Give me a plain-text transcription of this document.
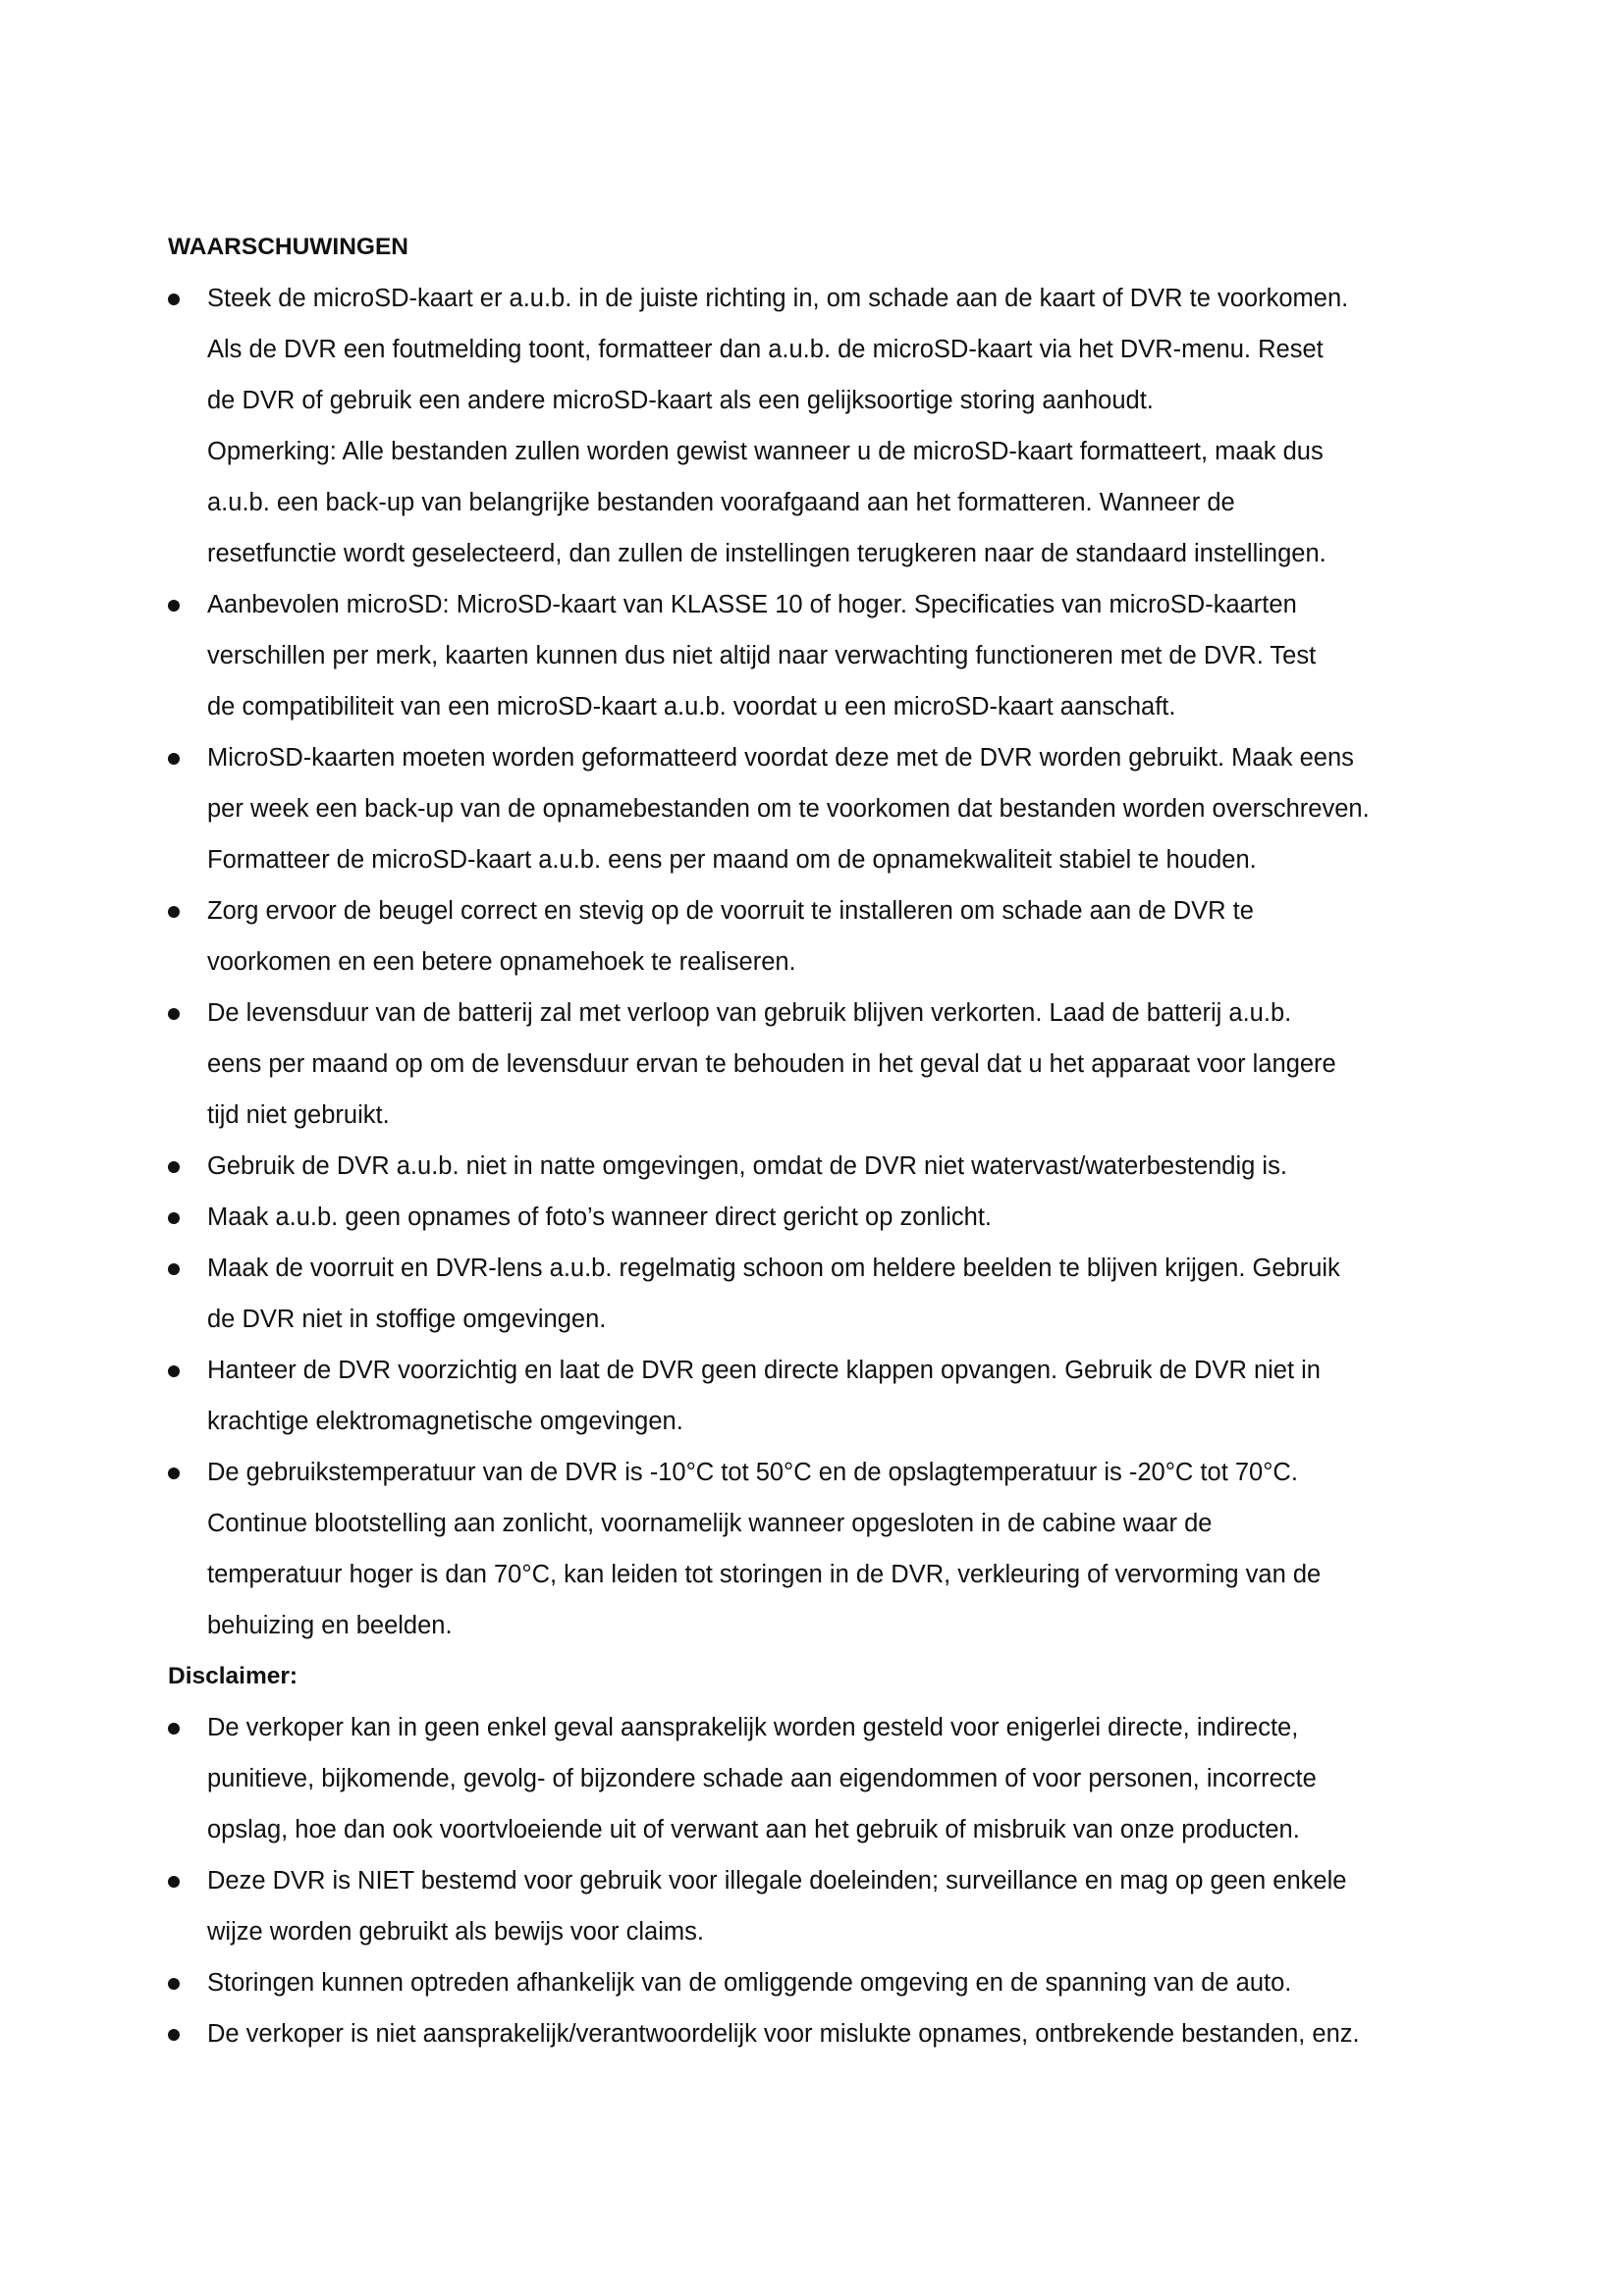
WAARSCHUWINGEN
Steek de microSD-kaart er a.u.b. in de juiste richting in, om schade aan de kaart of DVR te voorkomen.
Als de DVR een foutmelding toont, formatteer dan a.u.b. de microSD-kaart via het DVR-menu. Reset
de DVR of gebruik een andere microSD-kaart als een gelijksoortige storing aanhoudt.
Opmerking: Alle bestanden zullen worden gewist wanneer u de microSD-kaart formatteert, maak dus
a.u.b. een back-up van belangrijke bestanden voorafgaand aan het formatteren. Wanneer de
resetfunctie wordt geselecteerd, dan zullen de instellingen terugkeren naar de standaard instellingen.
Aanbevolen microSD: MicroSD-kaart van KLASSE 10 of hoger. Specificaties van microSD-kaarten
verschillen per merk, kaarten kunnen dus niet altijd naar verwachting functioneren met de DVR. Test
de compatibiliteit van een microSD-kaart a.u.b. voordat u een microSD-kaart aanschaft.
MicroSD-kaarten moeten worden geformatteerd voordat deze met de DVR worden gebruikt. Maak eens
per week een back-up van de opnamebestanden om te voorkomen dat bestanden worden overschreven.
Formatteer de microSD-kaart a.u.b. eens per maand om de opnamekwaliteit stabiel te houden.
Zorg ervoor de beugel correct en stevig op de voorruit te installeren om schade aan de DVR te
voorkomen en een betere opnamehoek te realiseren.
De levensduur van de batterij zal met verloop van gebruik blijven verkorten. Laad de batterij a.u.b.
eens per maand op om de levensduur ervan te behouden in het geval dat u het apparaat voor langere
tijd niet gebruikt.
Gebruik de DVR a.u.b. niet in natte omgevingen, omdat de DVR niet watervast/waterbestendig is.
Maak a.u.b. geen opnames of foto’s wanneer direct gericht op zonlicht.
Maak de voorruit en DVR-lens a.u.b. regelmatig schoon om heldere beelden te blijven krijgen. Gebruik
de DVR niet in stoffige omgevingen.
Hanteer de DVR voorzichtig en laat de DVR geen directe klappen opvangen. Gebruik de DVR niet in
krachtige elektromagnetische omgevingen.
De gebruikstemperatuur van de DVR is -10°C tot 50°C en de opslagtemperatuur is -20°C tot 70°C.
Continue blootstelling aan zonlicht, voornamelijk wanneer opgesloten in de cabine waar de
temperatuur hoger is dan 70°C, kan leiden tot storingen in de DVR, verkleuring of vervorming van de
behuizing en beelden.
Disclaimer:
De verkoper kan in geen enkel geval aansprakelijk worden gesteld voor enigerlei directe, indirecte,
punitieve, bijkomende, gevolg- of bijzondere schade aan eigendommen of voor personen, incorrecte
opslag, hoe dan ook voortvloeiende uit of verwant aan het gebruik of misbruik van onze producten.
Deze DVR is NIET bestemd voor gebruik voor illegale doeleinden; surveillance en mag op geen enkele
wijze worden gebruikt als bewijs voor claims.
Storingen kunnen optreden afhankelijk van de omliggende omgeving en de spanning van de auto.
De verkoper is niet aansprakelijk/verantwoordelijk voor mislukte opnames, ontbrekende bestanden, enz.
